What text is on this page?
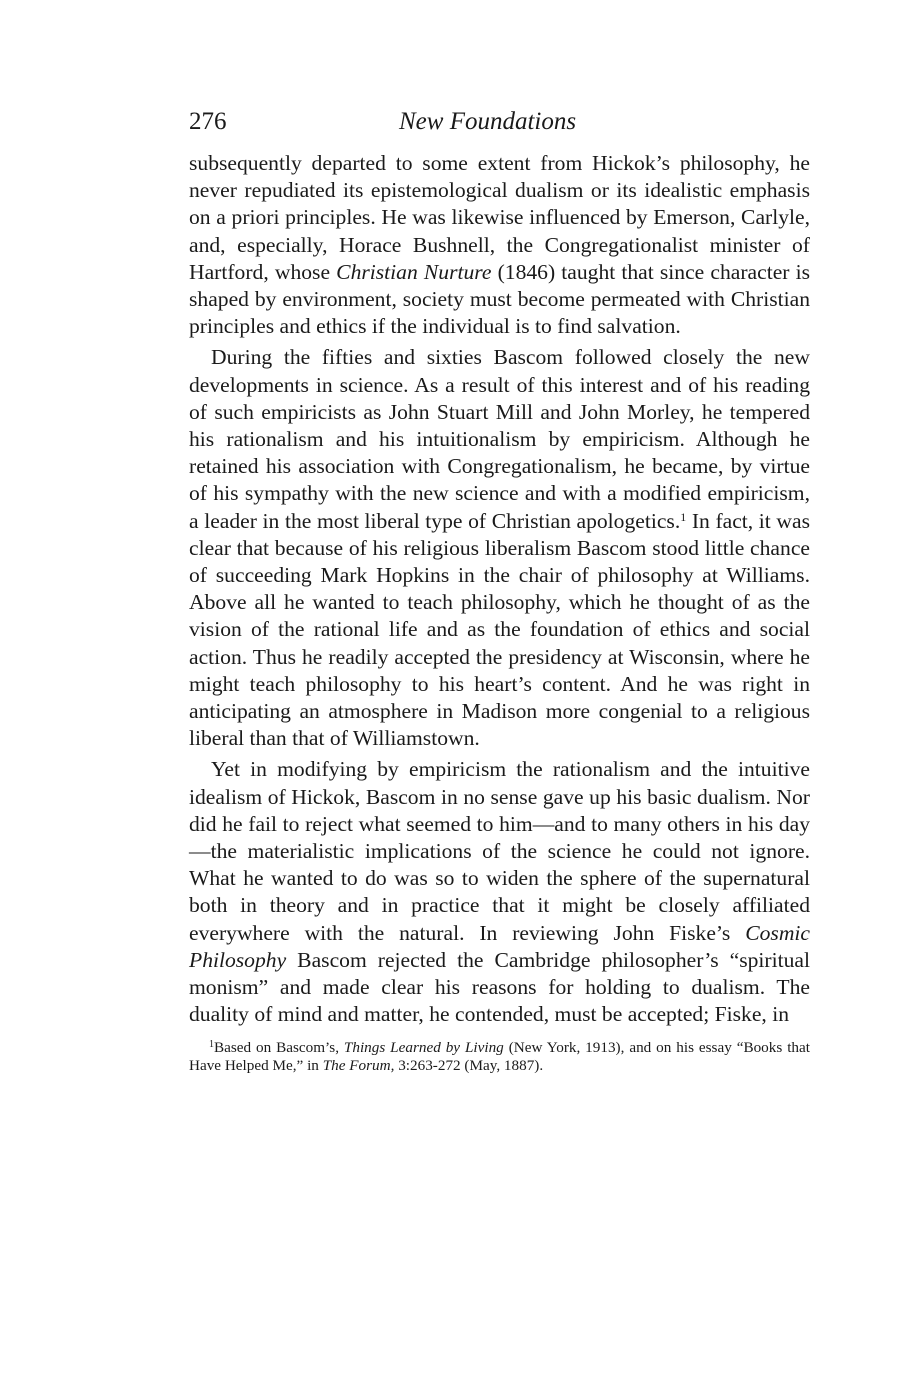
276	New Foundations

subsequently departed to some extent from Hickok’s philosophy, he never repudiated its epistemological dualism or its idealistic emphasis on a priori principles. He was likewise influenced by Emerson, Carlyle, and, especially, Horace Bushnell, the Congregationalist minister of Hartford, whose Christian Nurture (1846) taught that since character is shaped by environment, society must become permeated with Christian principles and ethics if the individual is to find salvation.

During the fifties and sixties Bascom followed closely the new developments in science. As a result of this interest and of his reading of such empiricists as John Stuart Mill and John Morley, he tempered his rationalism and his intuitionalism by empiricism. Although he retained his association with Congregationalism, he became, by virtue of his sympathy with the new science and with a modified empiricism, a leader in the most liberal type of Christian apologetics.$^1$ In fact, it was clear that because of his religious liberalism Bascom stood little chance of succeeding Mark Hopkins in the chair of philosophy at Williams. Above all he wanted to teach philosophy, which he thought of as the vision of the rational life and as the foundation of ethics and social action. Thus he readily accepted the presidency at Wisconsin, where he might teach philosophy to his heart’s content. And he was right in anticipating an atmosphere in Madison more congenial to a religious liberal than that of Williamstown.

Yet in modifying by empiricism the rationalism and the intuitive idealism of Hickok, Bascom in no sense gave up his basic dualism. Nor did he fail to reject what seemed to him—and to many others in his day—the materialistic implications of the science he could not ignore. What he wanted to do was so to widen the sphere of the supernatural both in theory and in practice that it might be closely affiliated everywhere with the natural. In reviewing John Fiske’s Cosmic Philosophy Bascom rejected the Cambridge philosopher’s “spiritual monism” and made clear his reasons for holding to dualism. The duality of mind and matter, he contended, must be accepted; Fiske, in

$^1$Based on Bascom’s, Things Learned by Living (New York, 1913), and on his essay “Books that Have Helped Me,” in The Forum, 3:263-272 (May, 1887).
